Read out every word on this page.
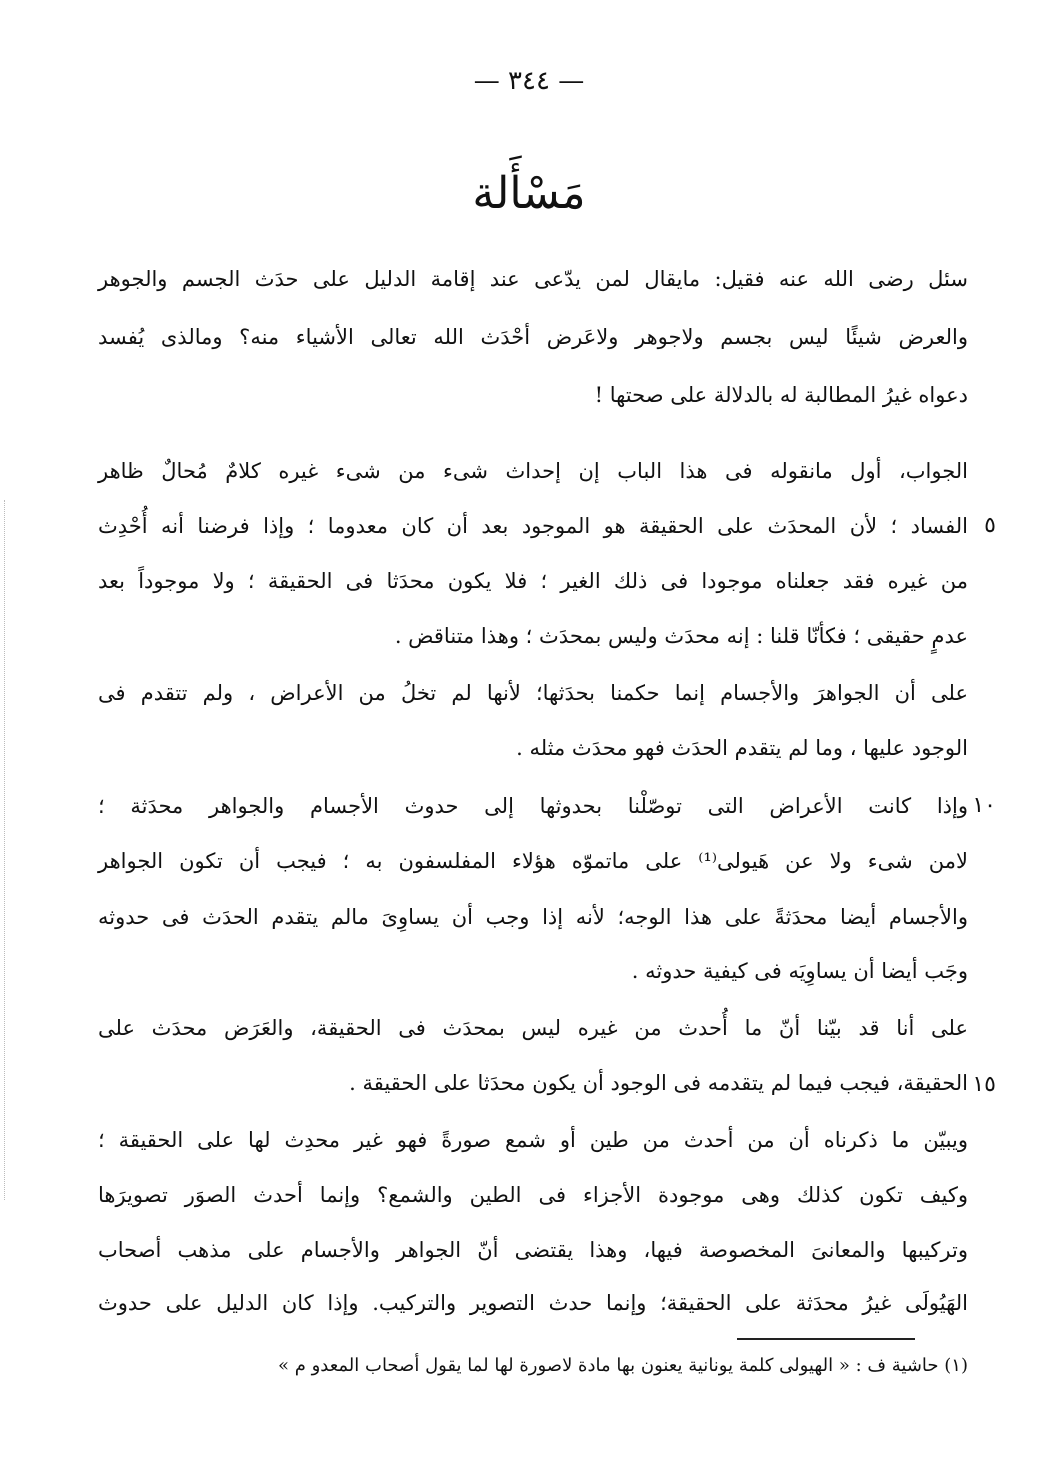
— ٣٤٤ —
مَسْأَلة
سئل رضى الله عنه فقيل: مايقال لمن يدّعى عند إقامة الدليل على حدَث الجسم والجوهر
والعرض شيئًا ليس بجسم ولاجوهر ولاعَرض أحْدَث الله تعالى الأشياء منه؟ ومالذى يُفسد
دعواه غيرُ المطالبة له بالدلالة على صحتها !
الجواب، أول مانقوله فى هذا الباب إن إحداث شىء من شىء غيره كلامٌ مُحالٌ ظاهر
الفساد ؛ لأن المحدَث على الحقيقة هو الموجود بعد أن كان معدوما ؛ وإذا فرضنا أنه أُحْدِث ٥
من غيره فقد جعلناه موجودا فى ذلك الغير ؛ فلا يكون محدَثا فى الحقيقة ؛ ولا موجوداً بعد
عدمٍ حقيقى ؛ فكأنّا قلنا : إنه محدَث وليس بمحدَث ؛ وهذا متناقض .
على أن الجواهرَ والأجسام إنما حكمنا بحدَثها؛ لأنها لم تخلُ من الأعراض ، ولم تتقدم فى
الوجود عليها ، وما لم يتقدم الحدَث فهو محدَث مثله .
وإذا كانت الأعراض التى توصّلْنا بحدوثها إلى حدوث الأجسام والجواهر محدَثة ؛ ١٠
لامن شىء ولا عن هَيولى⁽¹⁾ على ماتموّه هؤلاء المفلسفون به ؛ فيجب أن تكون الجواهر
والأجسام أيضا محدَثةً على هذا الوجه؛ لأنه إذا وجب أن يساوِىَ مالم يتقدم الحدَث فى حدوثه
وجَب أيضا أن يساوِيَه فى كيفية حدوثه .
على أنا قد بيّنا أنّ ما أُحدث من غيره ليس بمحدَث فى الحقيقة، والعَرَض محدَث على
الحقيقة، فيجب فيما لم يتقدمه فى الوجود أن يكون محدَثا على الحقيقة . ١٥
ويبيّن ما ذكرناه أن من أحدث من طين أو شمع صورةً فهو غير محدِث لها على الحقيقة ؛
وكيف تكون كذلك وهى موجودة الأجزاء فى الطين والشمع؟ وإنما أحدث الصوَر تصويرَها
وتركيبها والمعانىَ المخصوصة فيها، وهذا يقتضى أنّ الجواهر والأجسام على مذهب أصحاب
الهَيُولَى غيرُ محدَثة على الحقيقة؛ وإنما حدث التصوير والتركيب. وإذا كان الدليل على حدوث
(١) حاشية ف : « الهيولى كلمة يونانية يعنون بها مادة لاصورة لها لما يقول أصحاب المعدو م »
